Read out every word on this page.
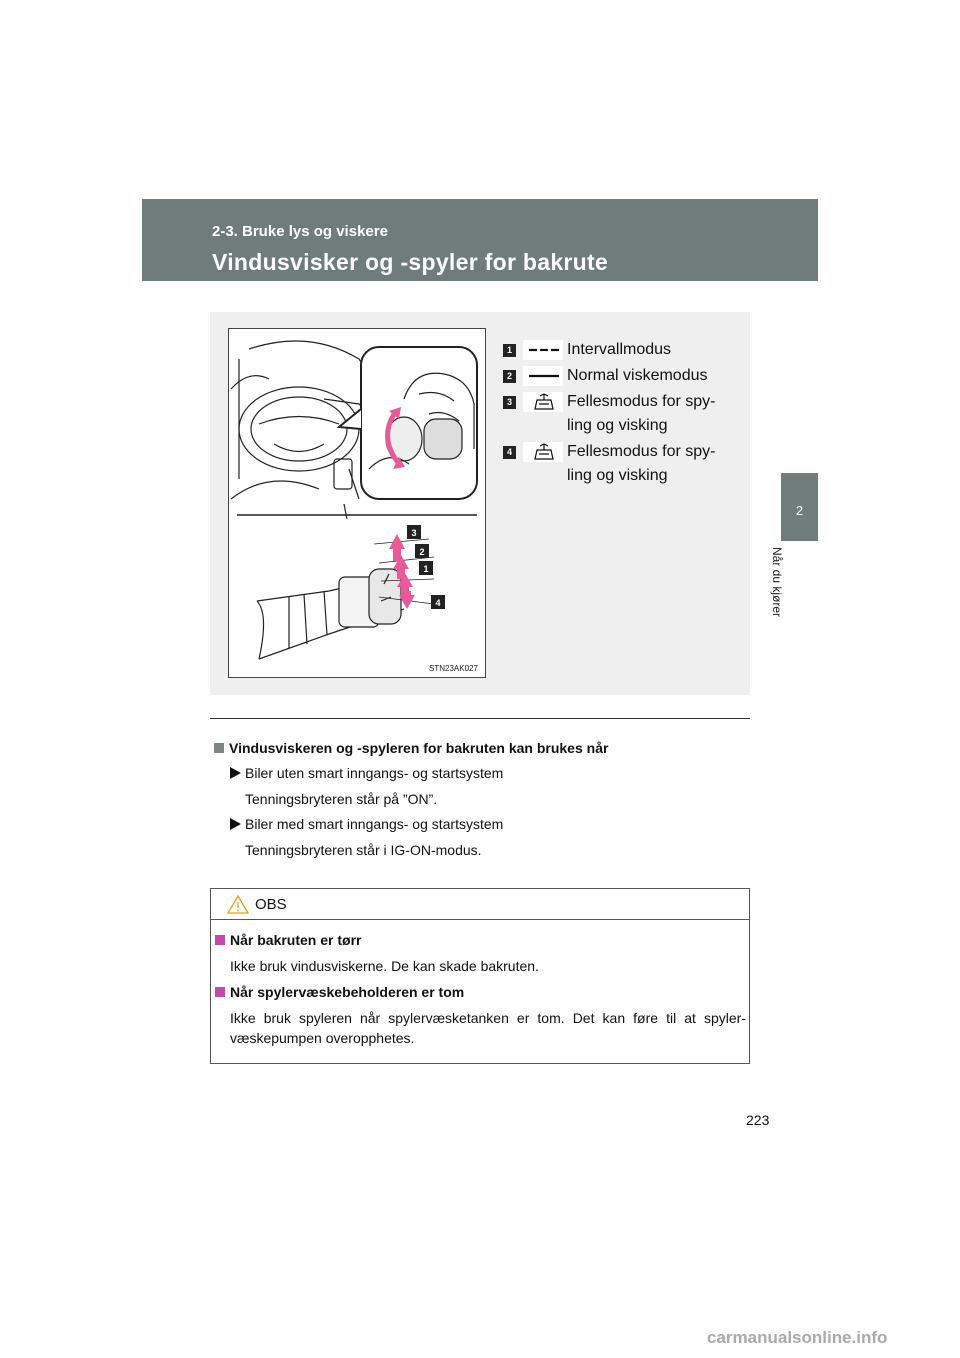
2-3. Bruke lys og viskere
Vindusvisker og -spyler for bakrute
2
Når du kjører
3
2
1
4
STN23AK027
1	Intervallmodus
2	Normal viskemodus
3	Fellesmodus for spy-ling og visking
4	Fellesmodus for spy-ling og visking

Vindusviskeren og -spyleren for bakruten kan brukes når

Biler uten smart inngangs- og startsystem

Tenningsbryteren står på ”ON”.

Biler med smart inngangs- og startsystem

Tenningsbryteren står i IG-ON-modus.

OBS

Når bakruten er tørr

Ikke bruk vindusviskerne. De kan skade bakruten.

Når spylervæskebeholderen er tom

Ikke bruk spyleren når spylervæsketanken er tom. Det kan føre til at spyler-væskepumpen overopphetes.

223
carmanualsonline.info
